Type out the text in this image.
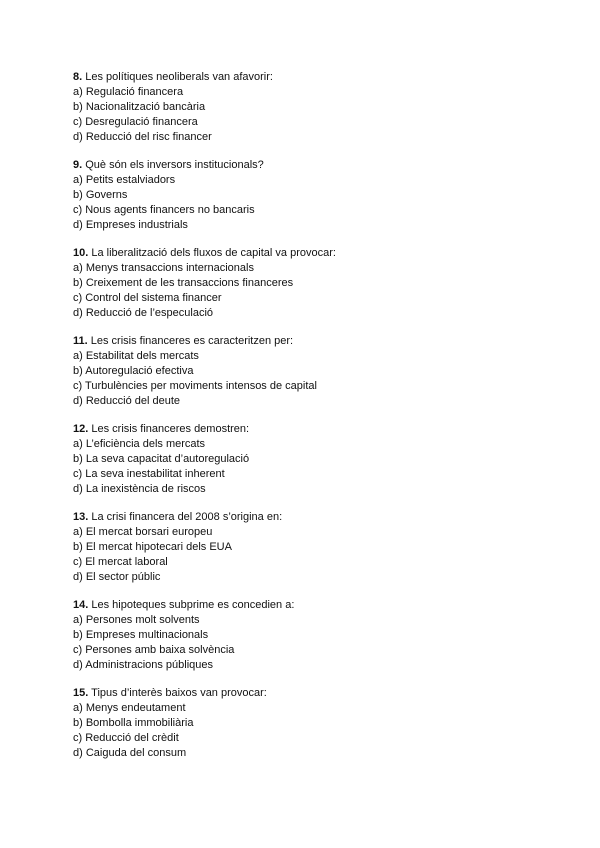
8. Les polítiques neoliberals van afavorir:
a) Regulació financera
b) Nacionalització bancària
c) Desregulació financera
d) Reducció del risc financer
9. Què són els inversors institucionals?
a) Petits estalviadors
b) Governs
c) Nous agents financers no bancaris
d) Empreses industrials
10. La liberalització dels fluxos de capital va provocar:
a) Menys transaccions internacionals
b) Creixement de les transaccions financeres
c) Control del sistema financer
d) Reducció de l’especulació
11. Les crisis financeres es caracteritzen per:
a) Estabilitat dels mercats
b) Autoregulació efectiva
c) Turbulències per moviments intensos de capital
d) Reducció del deute
12. Les crisis financeres demostren:
a) L’eficiència dels mercats
b) La seva capacitat d’autoregulació
c) La seva inestabilitat inherent
d) La inexistència de riscos
13. La crisi financera del 2008 s’origina en:
a) El mercat borsari europeu
b) El mercat hipotecari dels EUA
c) El mercat laboral
d) El sector públic
14. Les hipoteques subprime es concedien a:
a) Persones molt solvents
b) Empreses multinacionals
c) Persones amb baixa solvència
d) Administracions públiques
15. Tipus d’interès baixos van provocar:
a) Menys endeutament
b) Bombolla immobiliària
c) Reducció del crèdit
d) Caiguda del consum
